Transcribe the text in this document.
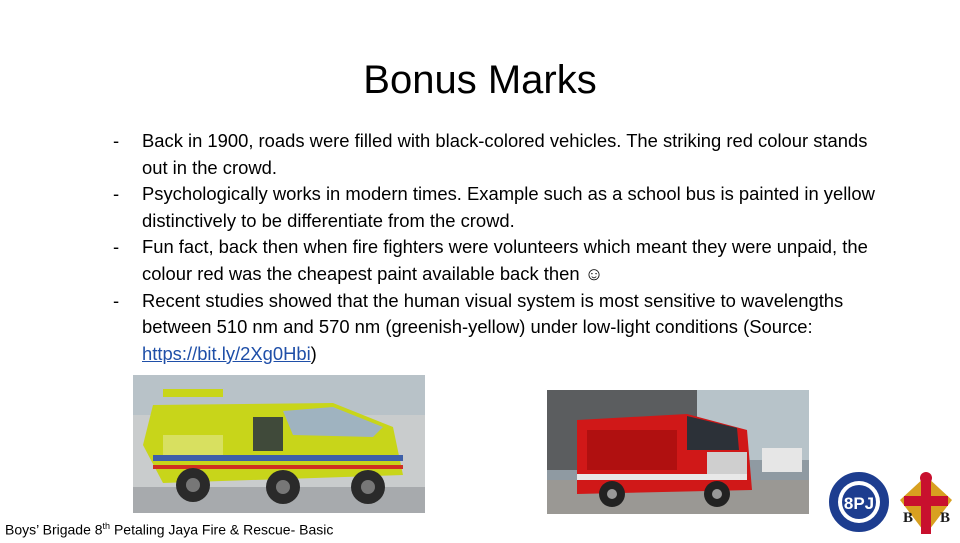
Bonus Marks
- Back in 1900, roads were filled with black-colored vehicles. The striking red colour stands out in the crowd.
- Psychologically works in modern times. Example such as a school bus is painted in yellow distinctively to be differentiate from the crowd.
- Fun fact, back then when fire fighters were volunteers which meant they were unpaid, the colour red was the cheapest paint available back then ☺
- Recent studies showed that the human visual system is most sensitive to wavelengths between 510 nm and 570 nm (greenish-yellow) under low-light conditions (Source: https://bit.ly/2Xg0Hbi)
8PJ
B B
Boys’ Brigade 8th Petaling Jaya Fire & Rescue- Basic
